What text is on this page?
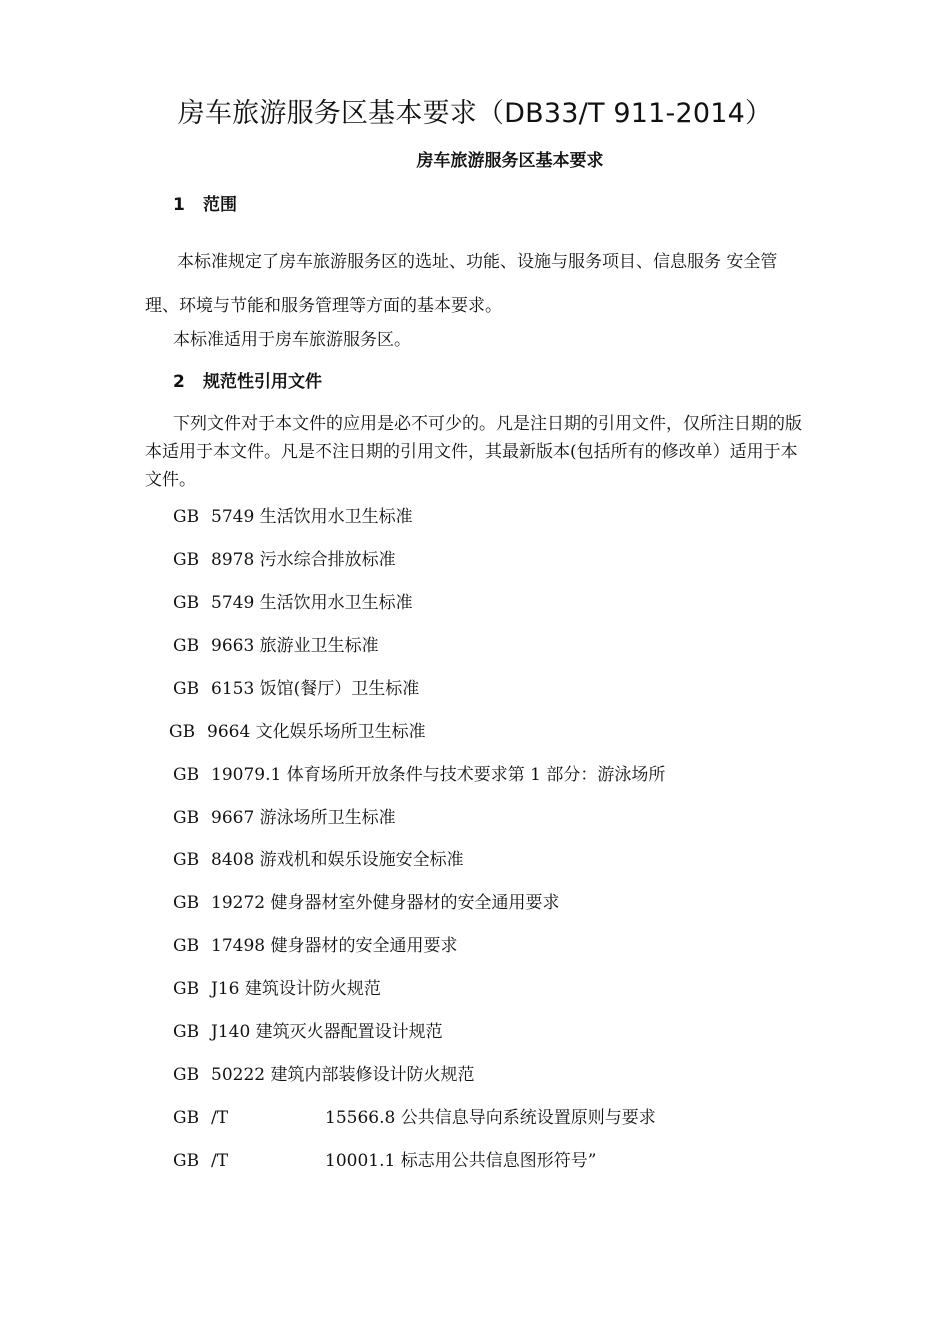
房车旅游服务区基本要求（DB33/T 911-2014）
房车旅游服务区基本要求
1 范围
本标准规定了房车旅游服务区的选址、功能、设施与服务项目、信息服务 安全管理、环境与节能和服务管理等方面的基本要求。
本标准适用于房车旅游服务区。
2 规范性引用文件
下列文件对于本文件的应用是必不可少的。凡是注日期的引用文件，仅所注日期的版本适用于本文件。凡是不注日期的引用文件，其最新版本(包括所有的修改单）适用于本文件。
GB 5749 生活饮用水卫生标准
GB 8978 污水综合排放标准
GB 5749 生活饮用水卫生标准
GB 9663 旅游业卫生标准
GB 6153 饭馆(餐厅）卫生标准
GB 9664 文化娱乐场所卫生标准
GB 19079.1 体育场所开放条件与技术要求第 1 部分：游泳场所
GB 9667 游泳场所卫生标准
GB 8408 游戏机和娱乐设施安全标准
GB 19272 健身器材室外健身器材的安全通用要求
GB 17498 健身器材的安全通用要求
GB J16 建筑设计防火规范
GB J140 建筑灭火器配置设计规范
GB 50222 建筑内部装修设计防火规范
GB /T	15566.8 公共信息导向系统设置原则与要求
GB /T	10001.1 标志用公共信息图形符号”
